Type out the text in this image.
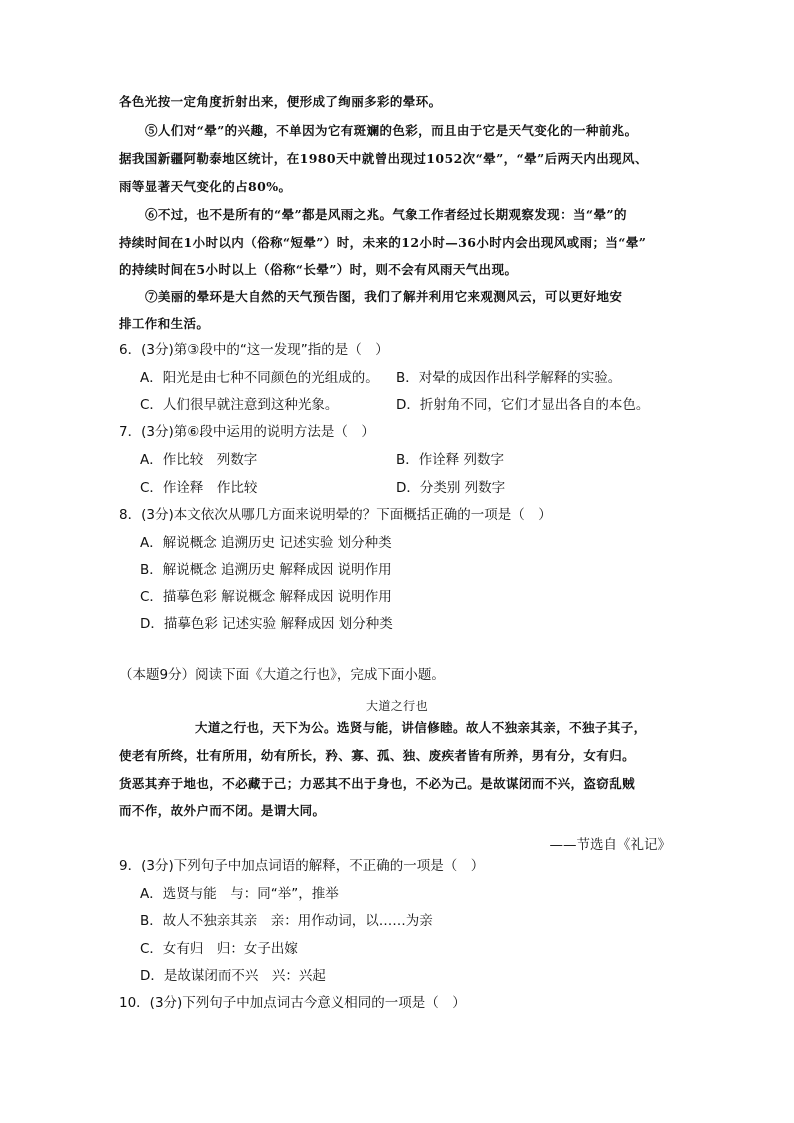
各色光按一定角度折射出来，便形成了绚丽多彩的晕环。
⑤人们对“晕”的兴趣，不单因为它有斑斓的色彩，而且由于它是天气变化的一种前兆。
据我国新疆阿勒泰地区统计，在1980天中就曾出现过1052次“晕”，“晕”后两天内出现风、
雨等显著天气变化的占80%。
⑥不过，也不是所有的“晕”都是风雨之兆。气象工作者经过长期观察发现：当“晕”的
持续时间在1小时以内（俗称“短晕”）时，未来的12小时—36小时内会出现风或雨；当“晕”
的持续时间在5小时以上（俗称“长晕”）时，则不会有风雨天气出现。
⑦美丽的晕环是大自然的天气预告图，我们了解并利用它来观测风云，可以更好地安
排工作和生活。
6．(3分)第③段中的“这一发现”指的是（　）
A．阳光是由七种不同颜色的光组成的。 B．对晕的成因作出科学解释的实验。
C．人们很早就注意到这种光象。	D．折射角不同，它们才显出各自的本色。
7．(3分)第⑥段中运用的说明方法是（　）
A．作比较　列数字	B．作诠释 列数字
C．作诠释　作比较	D．分类别 列数字
8．(3分)本文依次从哪几方面来说明晕的？下面概括正确的一项是（　）
A．解说概念 追溯历史 记述实验 划分种类
B．解说概念 追溯历史 解释成因 说明作用
C．描摹色彩 解说概念 解释成因 说明作用
D．描摹色彩 记述实验 解释成因 划分种类
（本题9分）阅读下面《大道之行也》，完成下面小题。
大道之行也
大道之行也，天下为公。选贤与能，讲信修睦。故人不独亲其亲，不独子其子，
使老有所终，壮有所用，幼有所长，矜、寡、孤、独、废疾者皆有所养，男有分，女有归。
货恶其弃于地也，不必藏于己；力恶其不出于身也，不必为己。是故谋闭而不兴，盗窃乱贼
而不作，故外户而不闭。是谓大同。
——节选自《礼记》
9．(3分)下列句子中加点词语的解释，不正确的一项是（　）
A．选贤与能　与：同“举”，推举
B．故人不独亲其亲　亲：用作动词，以……为亲
C．女有归　归：女子出嫁
D．是故谋闭而不兴　兴：兴起
10．(3分)下列句子中加点词古今意义相同的一项是（　）
